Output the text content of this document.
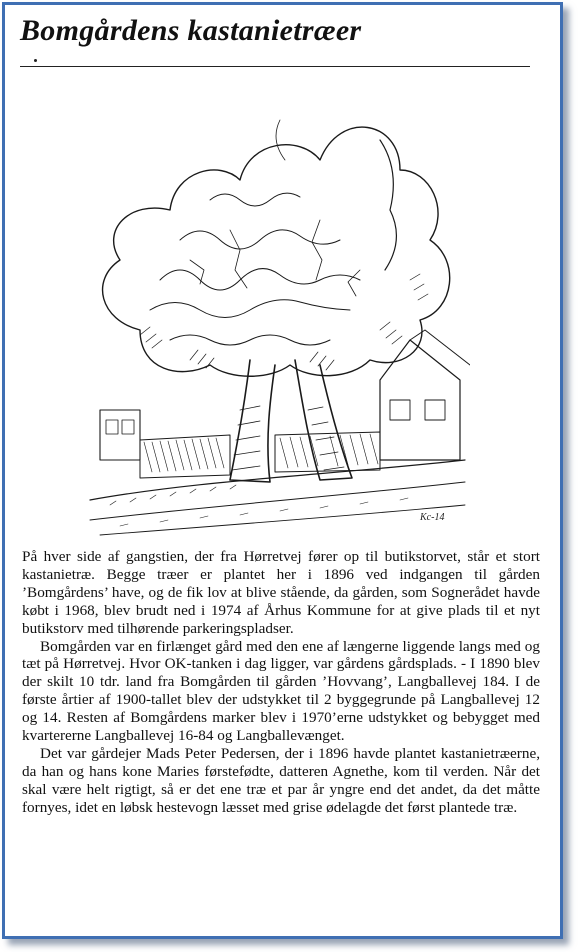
Bomgårdens kastanietræer
Kc-14

På hver side af gangstien, der fra Hørretvej fører op til butikstorvet, står et stort kastanietræ. Begge træer er plantet her i 1896 ved indgangen til gården ’Bomgårdens’ have, og de fik lov at blive stående, da gården, som Sognerådet havde købt i 1968, blev brudt ned i 1974 af Århus Kommune for at give plads til et nyt butikstorv med tilhørende parkeringspladser.

Bomgården var en firlænget gård med den ene af længerne liggende langs med og tæt på Hørretvej. Hvor OK-tanken i dag ligger, var gårdens gårdsplads. - I 1890 blev der skilt 10 tdr. land fra Bomgården til gården ’Hovvang’, Langballevej 184. I de første årtier af 1900-tallet blev der udstykket til 2 byggegrunde på Langballevej 12 og 14. Resten af Bomgårdens marker blev i 1970’erne udstykket og bebygget med kvartererne Langballevej 16-84 og Langballevænget.

Det var gårdejer Mads Peter Pedersen, der i 1896 havde plantet kastanietræerne, da han og hans kone Maries førstefødte, datteren Agnethe, kom til verden. Når det skal være helt rigtigt, så er det ene træ et par år yngre end det andet, da det måtte fornyes, idet en løbsk hestevogn læsset med grise ødelagde det først plantede træ.
